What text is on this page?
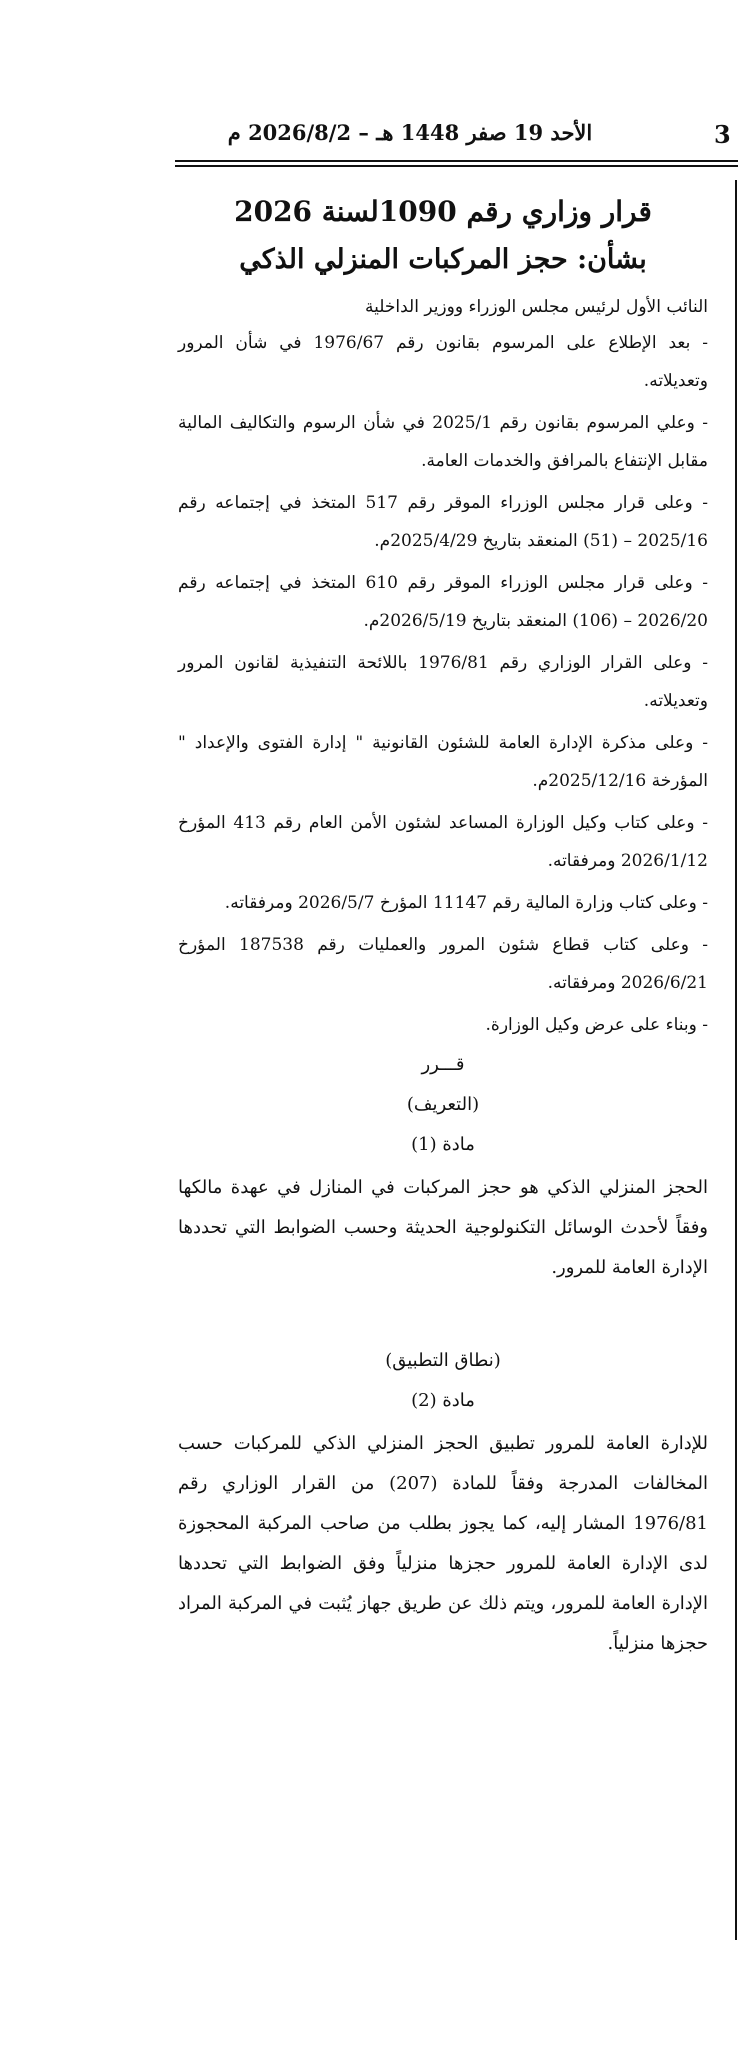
3
الأحد 19 صفر 1448 هـ – 2026/8/2 م
قرار وزاري رقم 1090لسنة 2026
بشأن: حجز المركبات المنزلي الذكي
النائب الأول لرئيس مجلس الوزراء ووزير الداخلية

- بعد الإطلاع على المرسوم بقانون رقم 1976/67 في شأن المرور وتعديلاته.

- وعلي المرسوم بقانون رقم 2025/1 في شأن الرسوم والتكاليف المالية مقابل الإنتفاع بالمرافق والخدمات العامة.

- وعلى قرار مجلس الوزراء الموقر رقم 517 المتخذ في إجتماعه رقم 2025/16 – (51) المنعقد بتاريخ 2025/4/29م.

- وعلى قرار مجلس الوزراء الموقر رقم 610 المتخذ في إجتماعه رقم 2026/20 – (106) المنعقد بتاريخ 2026/5/19م.

- وعلى القرار الوزاري رقم 1976/81 باللائحة التنفيذية لقانون المرور وتعديلاته.

- وعلى مذكرة الإدارة العامة للشئون القانونية " إدارة الفتوى والإعداد " المؤرخة 2025/12/16م.

- وعلى كتاب وكيل الوزارة المساعد لشئون الأمن العام رقم 413 المؤرخ 2026/1/12 ومرفقاته.

- وعلى كتاب وزارة المالية رقم 11147 المؤرخ 2026/5/7 ومرفقاته.

- وعلى كتاب قطاع شئون المرور والعمليات رقم 187538 المؤرخ 2026/6/21 ومرفقاته.

- وبناء على عرض وكيل الوزارة.

قـــرر
(التعريف)
مادة (1)

الحجز المنزلي الذكي هو حجز المركبات في المنازل في عهدة مالكها وفقاً لأحدث الوسائل التكنولوجية الحديثة وحسب الضوابط التي تحددها الإدارة العامة للمرور.

(نطاق التطبيق)
مادة (2)

للإدارة العامة للمرور تطبيق الحجز المنزلي الذكي للمركبات حسب المخالفات المدرجة وفقاً للمادة (207) من القرار الوزاري رقم 1976/81 المشار إليه، كما يجوز بطلب من صاحب المركبة المحجوزة لدى الإدارة العامة للمرور حجزها منزلياً وفق الضوابط التي تحددها الإدارة العامة للمرور، ويتم ذلك عن طريق جهاز يُثبت في المركبة المراد حجزها منزلياً.
